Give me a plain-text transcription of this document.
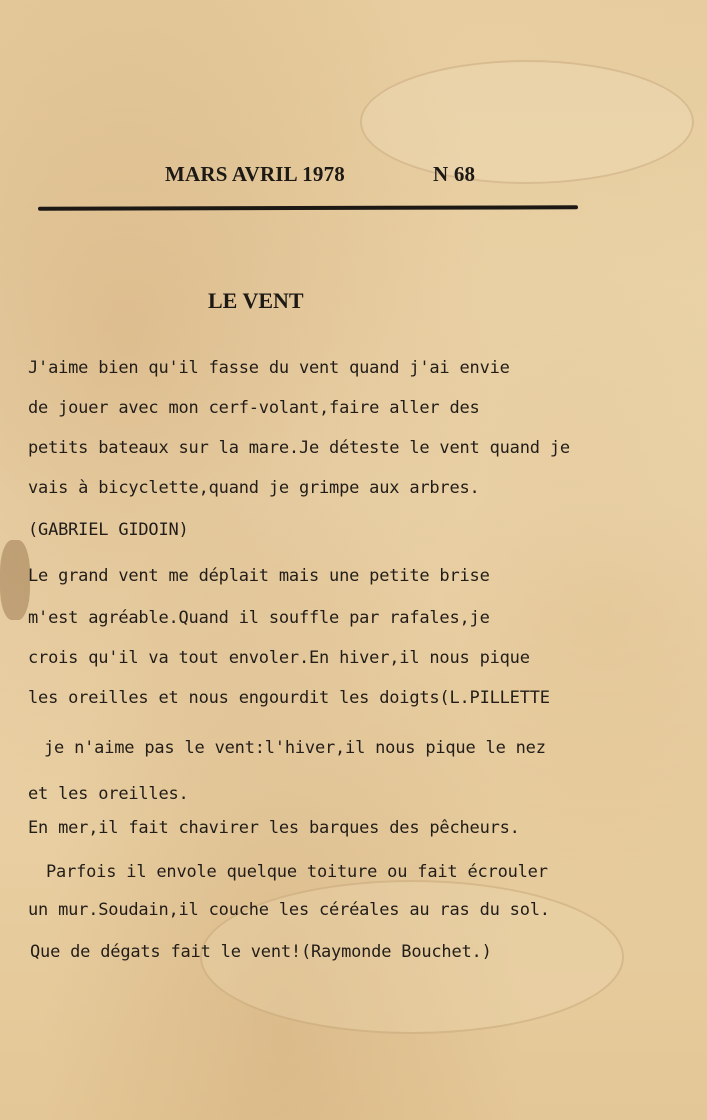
MARS AVRIL 1978	N 68
LE VENT
J'aime bien qu'il fasse du vent quand j'ai envie
de jouer avec mon cerf-volant,faire aller des
petits bateaux sur la mare.Je déteste le vent quand je
vais à bicyclette,quand je grimpe aux arbres.
(GABRIEL GIDOIN)
Le grand vent me déplait mais une petite brise
m'est agréable.Quand il souffle par rafales,je
crois qu'il va tout envoler.En hiver,il nous pique
les oreilles et nous engourdit les doigts(L.PILLETTE
je n'aime pas le vent:l'hiver,il nous pique le nez
et les oreilles.
En mer,il fait chavirer les barques des pêcheurs.
Parfois il envole quelque toiture ou fait écrouler
un mur.Soudain,il couche les céréales au ras du sol.
Que de dégats fait le vent!(Raymonde Bouchet.)
